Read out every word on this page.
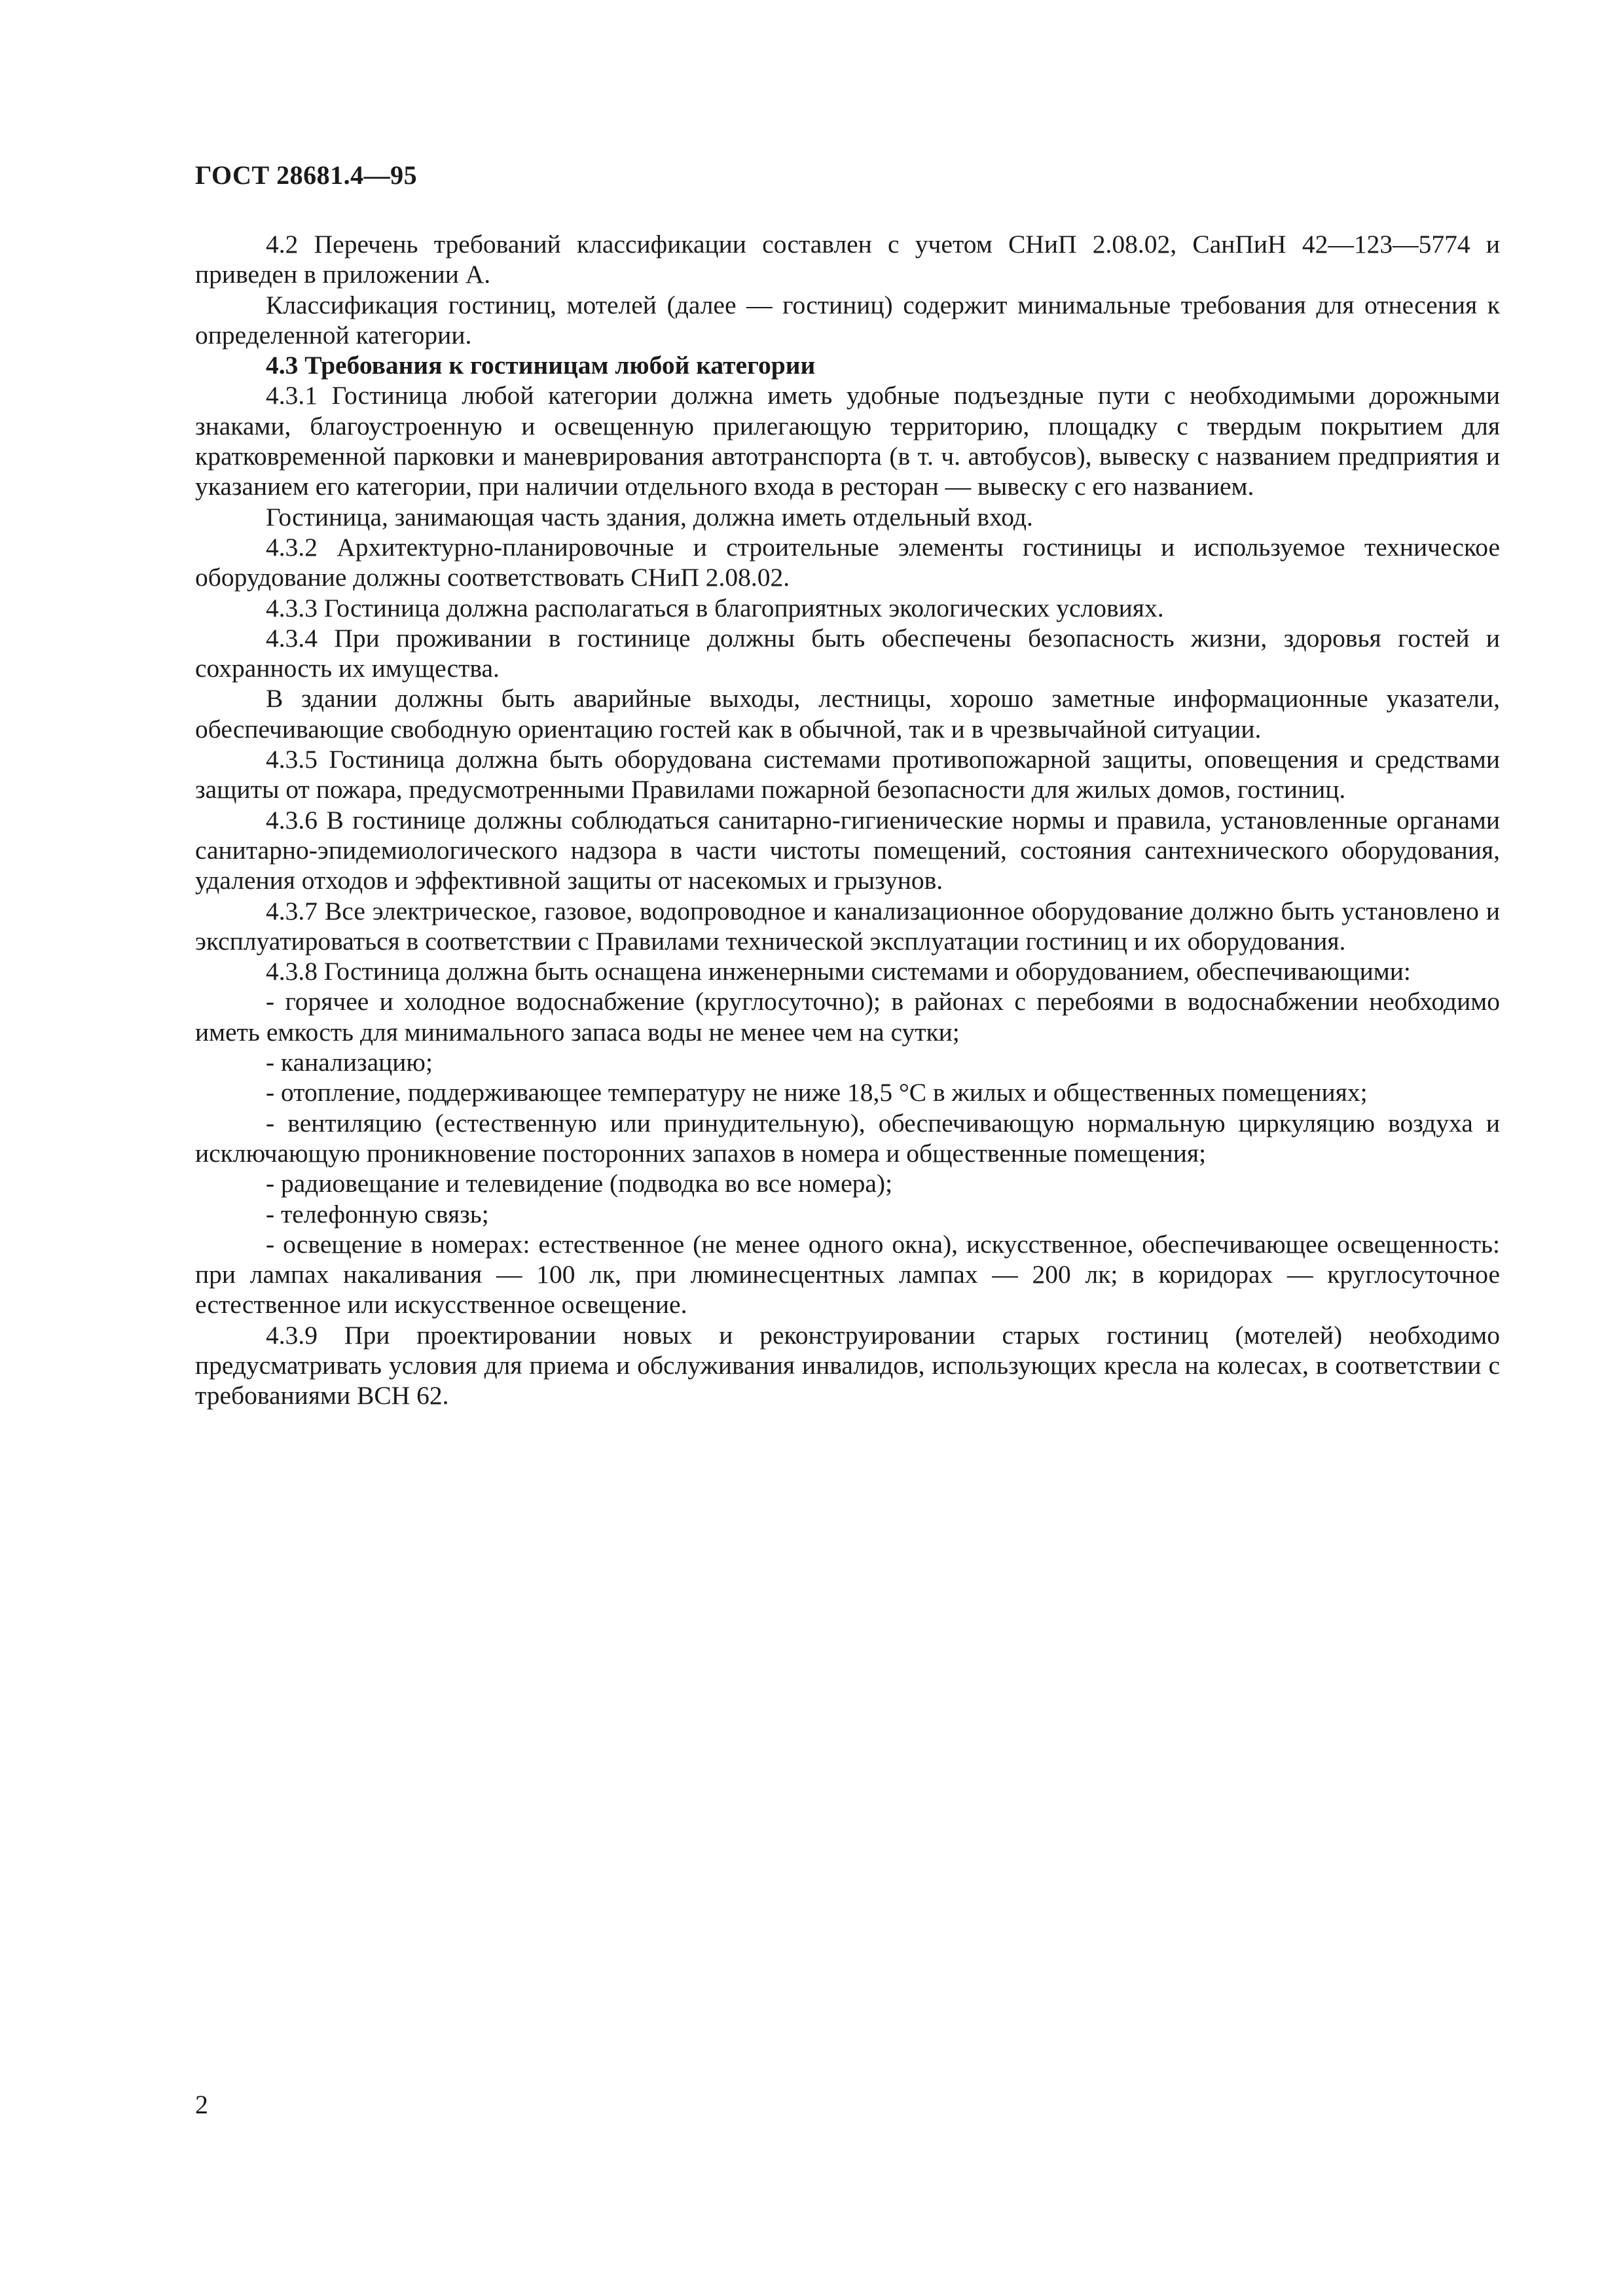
ГОСТ 28681.4—95

4.2 Перечень требований классификации составлен с учетом СНиП 2.08.02, СанПиН 42—123—5774 и приведен в приложении А.

Классификация гостиниц, мотелей (далее — гостиниц) содержит минимальные требования для отнесения к определенной категории.

4.3 Требования к гостиницам любой категории

4.3.1 Гостиница любой категории должна иметь удобные подъездные пути с необходимыми дорожными знаками, благоустроенную и освещенную прилегающую территорию, площадку с твердым покрытием для кратковременной парковки и маневрирования автотранспорта (в т. ч. автобусов), вывеску с названием предприятия и указанием его категории, при наличии отдельного входа в ресторан — вывеску с его названием.

Гостиница, занимающая часть здания, должна иметь отдельный вход.

4.3.2 Архитектурно-планировочные и строительные элементы гостиницы и используемое техническое оборудование должны соответствовать СНиП 2.08.02.

4.3.3 Гостиница должна располагаться в благоприятных экологических условиях.

4.3.4 При проживании в гостинице должны быть обеспечены безопасность жизни, здоровья гостей и сохранность их имущества.

В здании должны быть аварийные выходы, лестницы, хорошо заметные информационные указатели, обеспечивающие свободную ориентацию гостей как в обычной, так и в чрезвычайной ситуации.

4.3.5 Гостиница должна быть оборудована системами противопожарной защиты, оповещения и средствами защиты от пожара, предусмотренными Правилами пожарной безопасности для жилых домов, гостиниц.

4.3.6 В гостинице должны соблюдаться санитарно-гигиенические нормы и правила, установленные органами санитарно-эпидемиологического надзора в части чистоты помещений, состояния сантехнического оборудования, удаления отходов и эффективной защиты от насекомых и грызунов.

4.3.7 Все электрическое, газовое, водопроводное и канализационное оборудование должно быть установлено и эксплуатироваться в соответствии с Правилами технической эксплуатации гостиниц и их оборудования.

4.3.8 Гостиница должна быть оснащена инженерными системами и оборудованием, обеспечивающими:

- горячее и холодное водоснабжение (круглосуточно); в районах с перебоями в водоснабжении необходимо иметь емкость для минимального запаса воды не менее чем на сутки;

- канализацию;

- отопление, поддерживающее температуру не ниже 18,5 °С в жилых и общественных помещениях;

- вентиляцию (естественную или принудительную), обеспечивающую нормальную циркуляцию воздуха и исключающую проникновение посторонних запахов в номера и общественные помещения;

- радиовещание и телевидение (подводка во все номера);

- телефонную связь;

- освещение в номерах: естественное (не менее одного окна), искусственное, обеспечивающее освещенность: при лампах накаливания — 100 лк, при люминесцентных лампах — 200 лк; в коридорах — круглосуточное естественное или искусственное освещение.

4.3.9 При проектировании новых и реконструировании старых гостиниц (мотелей) необходимо предусматривать условия для приема и обслуживания инвалидов, использующих кресла на колесах, в соответствии с требованиями ВСН 62.

2
